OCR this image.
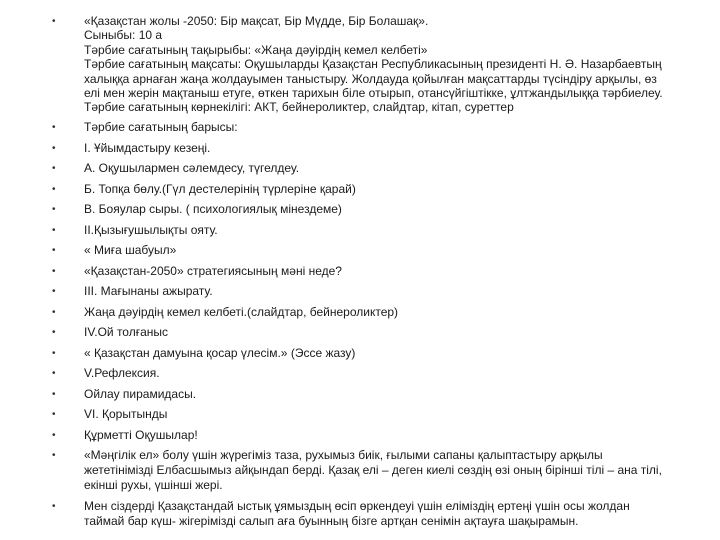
• «Қазақстан жолы -2050: Бір мақсат, Бір Мүдде, Бір Болашақ».
Сыныбы: 10 а
Тәрбие сағатының тақырыбы: «Жаңа дәуірдің кемел келбеті»
Тәрбие сағатының мақсаты: Оқушыларды Қазақстан Республикасының президенті Н. Ә. Назарбаевтың халыққа арнаған жаңа жолдауымен таныстыру. Жолдауда қойылған мақсаттарды түсіндіру арқылы, өз елі мен жерін мақтаныш етуге, өткен тарихын біле отырып, отансүйгіштікке, ұлтжандылыққа тәрбиелеу.
Тәрбие сағатының көрнекілігі: АКТ, бейнероликтер, слайдтар, кітап, суреттер
• Тәрбие сағатының барысы:
• І. Ұйымдастыру кезеңі.
• А. Оқушылармен сәлемдесу, түгелдеу.
• Б. Топқа бөлу.(Гүл дестелерінің түрлеріне қарай)
• В. Бояулар сыры. ( психологиялық мінездеме)
• ІІ.Қызығушылықты ояту.
• « Миға шабуыл»
• «Қазақстан-2050» стратегиясының мәні неде?
• ІІІ. Мағынаны ажырату.
• Жаңа дәуірдің кемел келбеті.(слайдтар, бейнероликтер)
• ІV.Ой толғаныс
• « Қазақстан дамуына қосар үлесім.» (Эссе жазу)
• V.Рефлексия.
• Ойлау пирамидасы.
• VІ. Қорытынды
• Құрметті Оқушылар!
• «Мәңгілік ел» болу үшін жүрегіміз таза, рухымыз биік, ғылыми сапаны қалыптастыру арқылы жететініміздi Елбасшымыз айқындап берді. Қазақ елі – деген киелі сөздің өзі оның бірінші тілі – ана тілі, екінші рухы, үшінші жері.
• Мен сіздерді Қазақстандай ыстық ұямыздың өсіп өркендеуі үшін еліміздің ертеңі үшін осы жолдан таймай бар күш- жігеріміздi салып аға буынның бізге артқан сенімін ақтауға шақырамын.
